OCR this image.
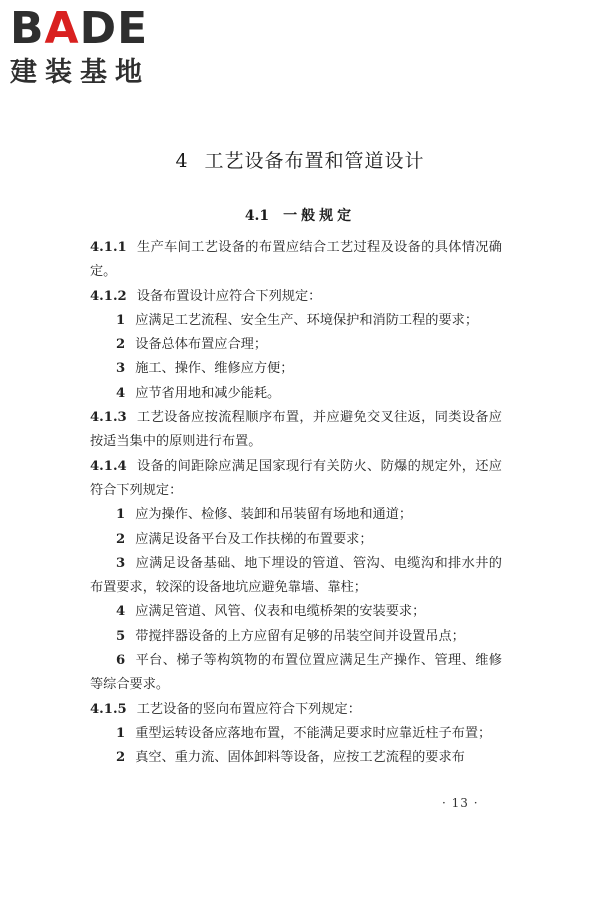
BADE
建装基地
4 工艺设备布置和管道设计
4.1 一般规定

4.1.1 生产车间工艺设备的布置应结合工艺过程及设备的具体情况确定。

4.1.2 设备布置设计应符合下列规定：

1 应满足工艺流程、安全生产、环境保护和消防工程的要求；

2 设备总体布置应合理；

3 施工、操作、维修应方便；

4 应节省用地和减少能耗。

4.1.3 工艺设备应按流程顺序布置，并应避免交叉往返，同类设备应按适当集中的原则进行布置。

4.1.4 设备的间距除应满足国家现行有关防火、防爆的规定外，还应符合下列规定：

1 应为操作、检修、装卸和吊装留有场地和通道；

2 应满足设备平台及工作扶梯的布置要求；

3 应满足设备基础、地下埋设的管道、管沟、电缆沟和排水井的布置要求，较深的设备地坑应避免靠墙、靠柱；

4 应满足管道、风管、仪表和电缆桥架的安装要求；

5 带搅拌器设备的上方应留有足够的吊装空间并设置吊点；

6 平台、梯子等构筑物的布置位置应满足生产操作、管理、维修等综合要求。

4.1.5 工艺设备的竖向布置应符合下列规定：

1 重型运转设备应落地布置，不能满足要求时应靠近柱子布置；

2 真空、重力流、固体卸料等设备，应按工艺流程的要求布

· 13 ·
